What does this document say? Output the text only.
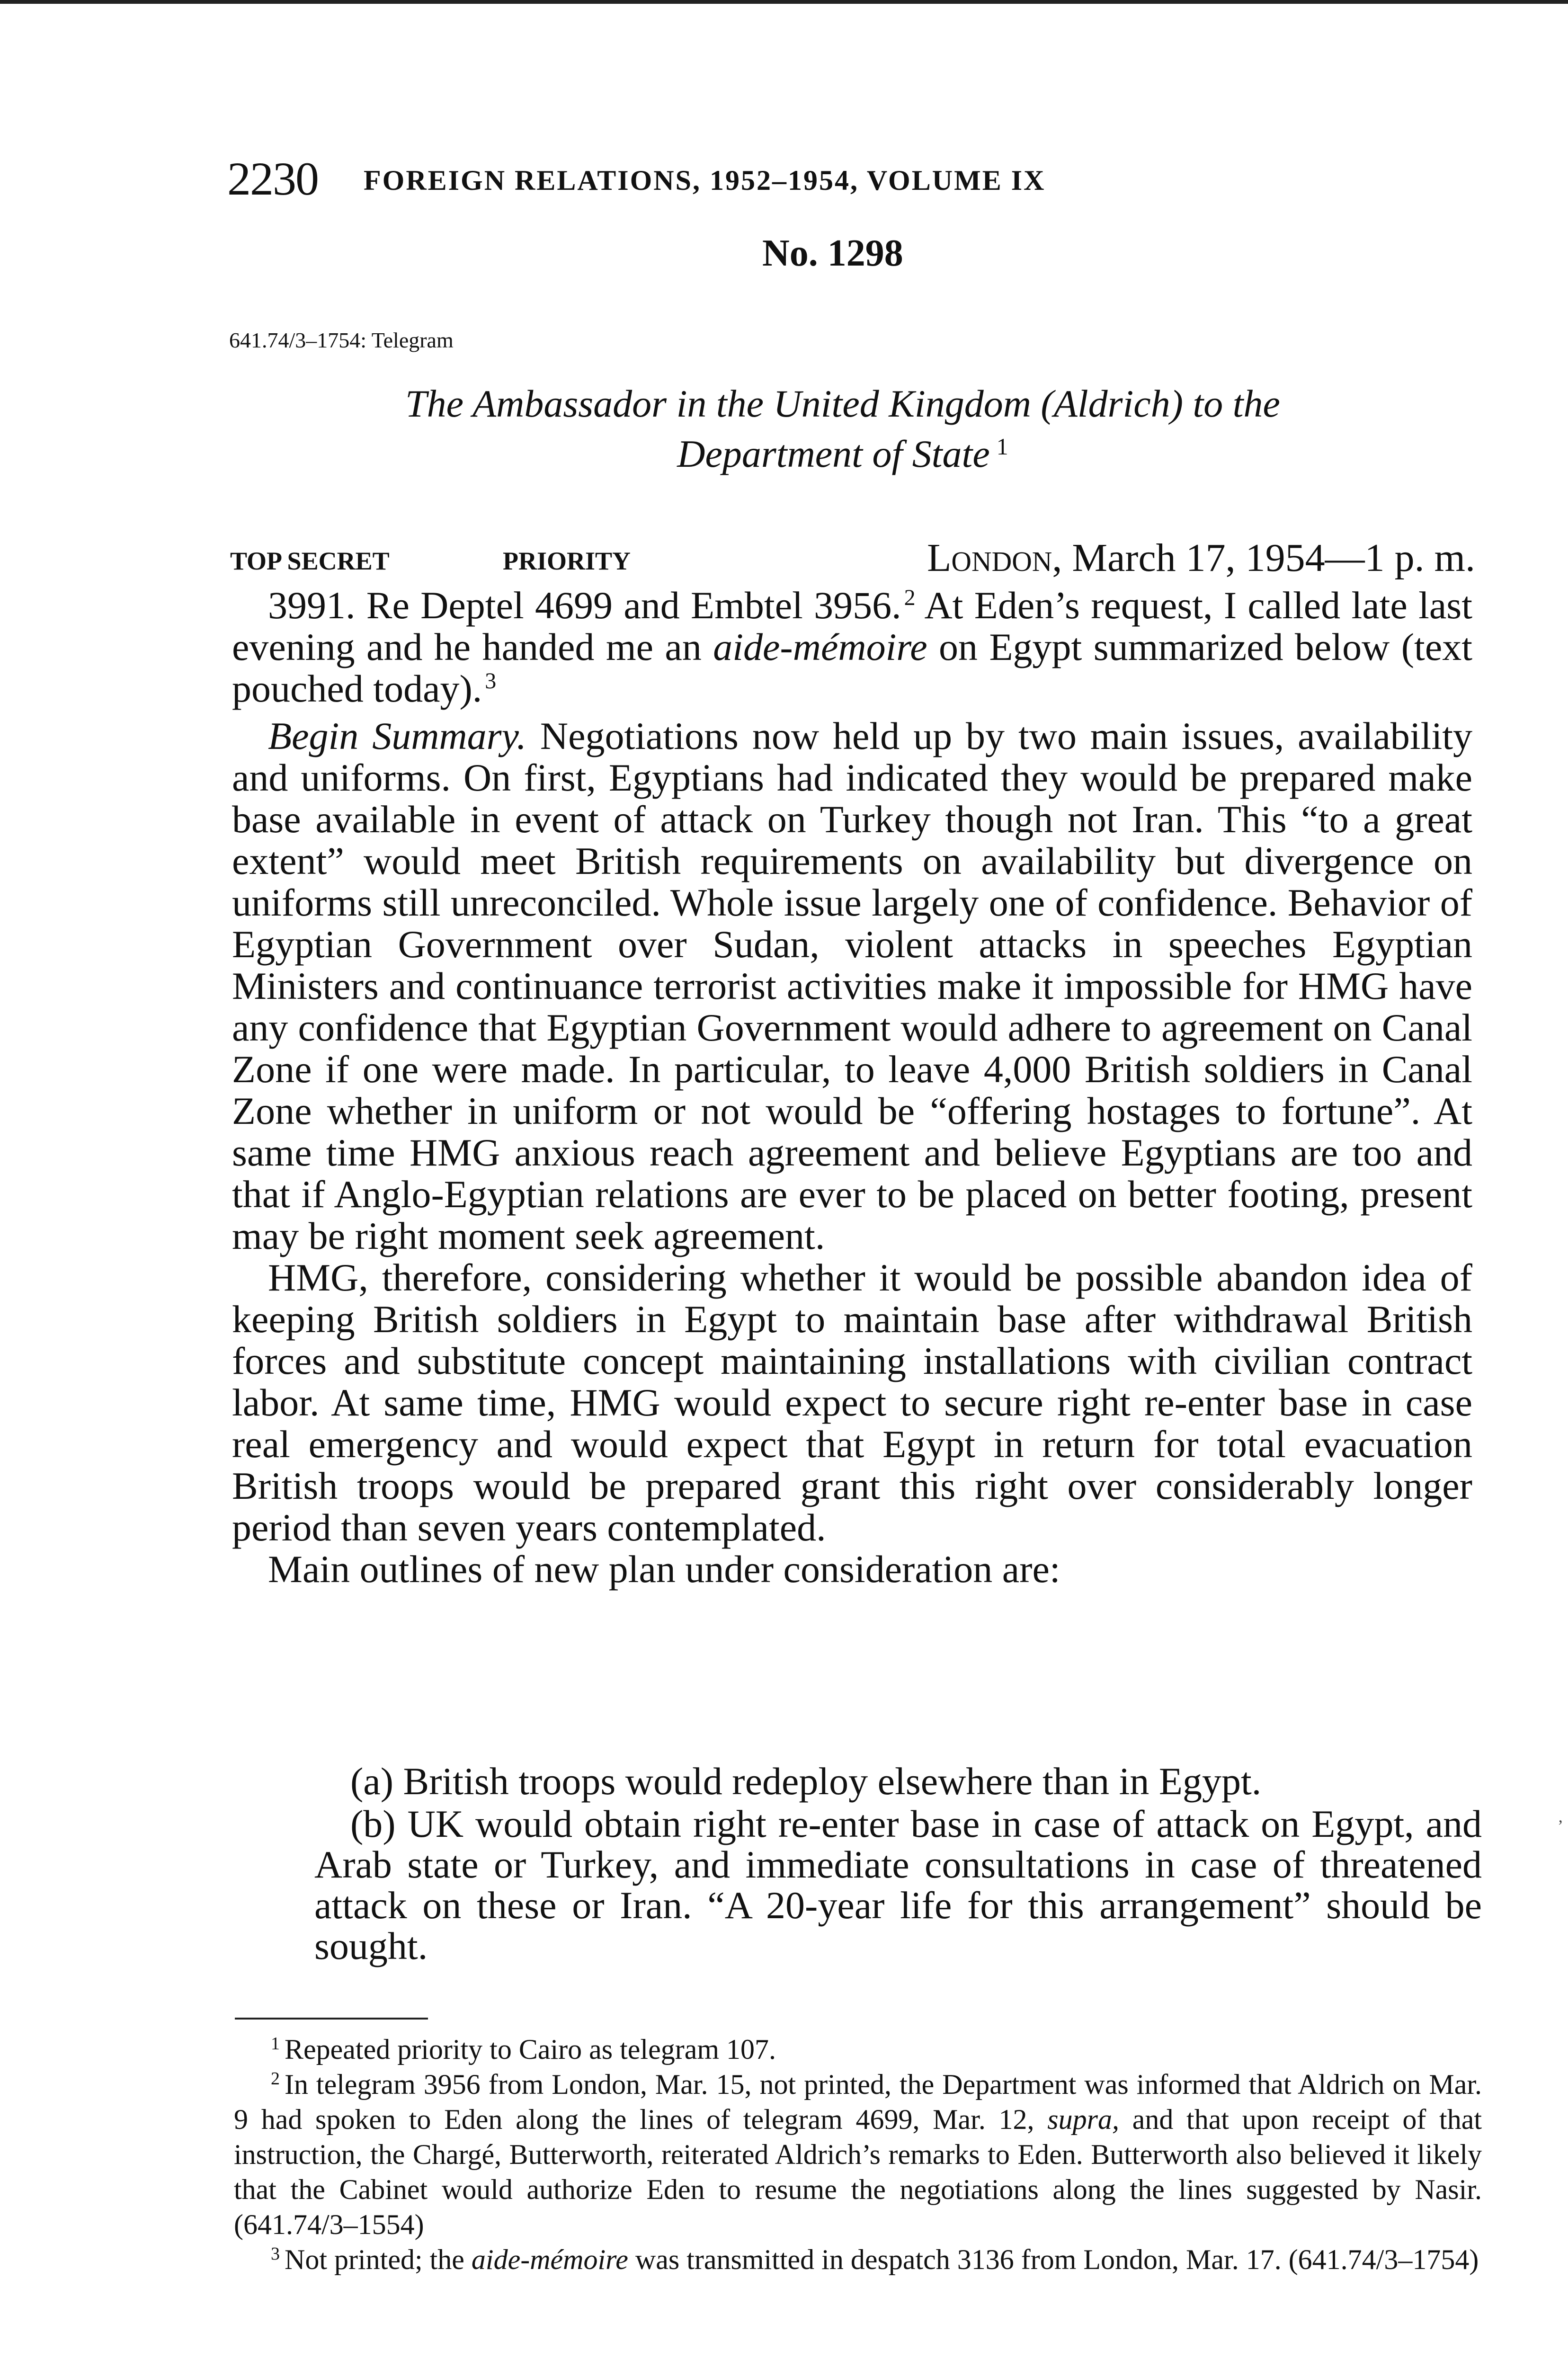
2230 FOREIGN RELATIONS, 1952–1954, VOLUME IX
No. 1298
641.74/3–1754: Telegram
The Ambassador in the United Kingdom (Aldrich) to the
Department of State $^1$
TOP SECRET	PRIORITY	London, March 17, 1954—1 p. m.

3991. Re Deptel 4699 and Embtel 3956. $^2$ At Eden’s request, I called late last evening and he handed me an aide-mémoire on Egypt summarized below (text pouched today). $^3$

Begin Summary. Negotiations now held up by two main issues, availability and uniforms. On first, Egyptians had indicated they would be prepared make base available in event of attack on Turkey though not Iran. This “to a great extent” would meet British requirements on availability but divergence on uniforms still unreconciled. Whole issue largely one of confidence. Behavior of Egyptian Government over Sudan, violent attacks in speeches Egyptian Ministers and continuance terrorist activities make it impossible for HMG have any confidence that Egyptian Government would adhere to agreement on Canal Zone if one were made. In particular, to leave 4,000 British soldiers in Canal Zone whether in uniform or not would be “offering hostages to fortune”. At same time HMG anxious reach agreement and believe Egyptians are too and that if Anglo-Egyptian relations are ever to be placed on better footing, present may be right moment seek agreement.

HMG, therefore, considering whether it would be possible abandon idea of keeping British soldiers in Egypt to maintain base after withdrawal British forces and substitute concept maintaining installations with civilian contract labor. At same time, HMG would expect to secure right re-enter base in case real emergency and would expect that Egypt in return for total evacuation British troops would be prepared grant this right over considerably longer period than seven years contemplated.

Main outlines of new plan under consideration are:

(a) British troops would redeploy elsewhere than in Egypt.

(b) UK would obtain right re-enter base in case of attack on Egypt, and Arab state or Turkey, and immediate consultations in case of threatened attack on these or Iran. “A 20-year life for this arrangement” should be sought.

’

$^1$ Repeated priority to Cairo as telegram 107.

$^2$ In telegram 3956 from London, Mar. 15, not printed, the Department was informed that Aldrich on Mar. 9 had spoken to Eden along the lines of telegram 4699, Mar. 12, supra, and that upon receipt of that instruction, the Chargé, Butterworth, reiterated Aldrich’s remarks to Eden. Butterworth also believed it likely that the Cabinet would authorize Eden to resume the negotiations along the lines suggested by Nasir. (641.74/3–1554)

$^3$ Not printed; the aide-mémoire was transmitted in despatch 3136 from London, Mar. 17. (641.74/3–1754)
